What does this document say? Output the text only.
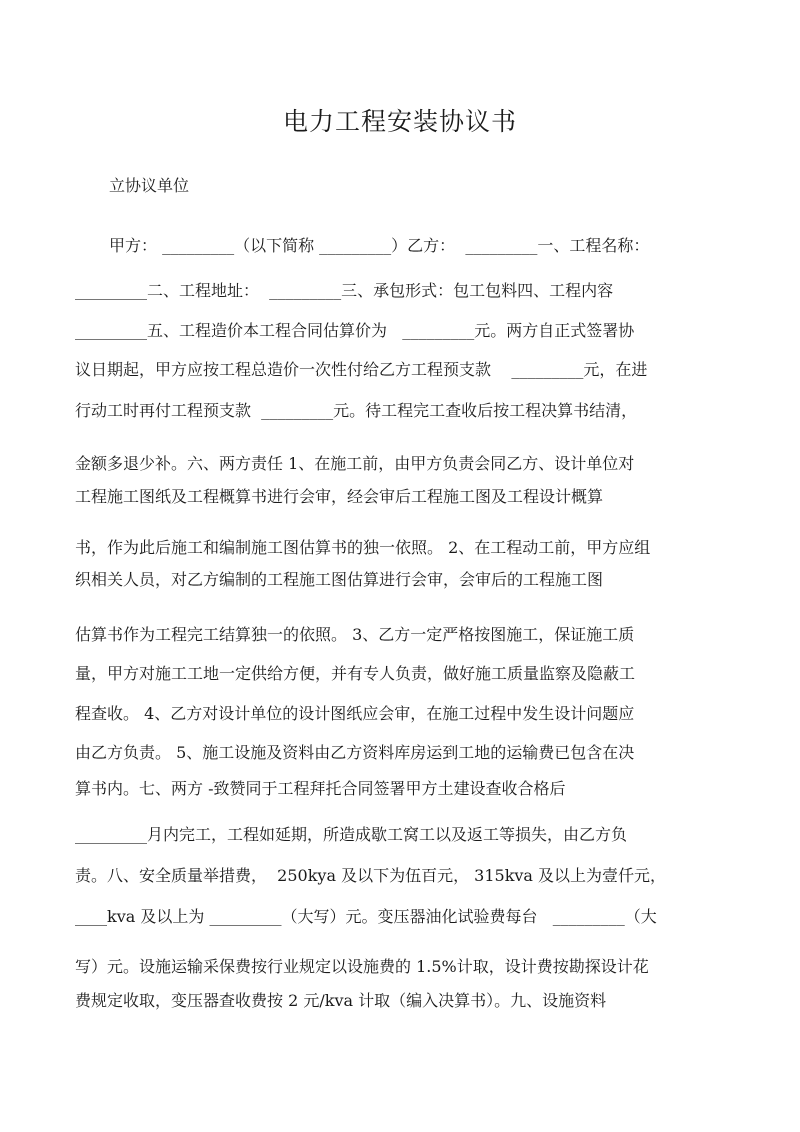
电力工程安装协议书
立协议单位
甲方： _________（以下简称 _________）乙方：  _________一、工程名称：
_________二、工程地址：  _________三、承包形式：包工包料四、工程内容
_________五、工程造价本工程合同估算价为   _________元。两方自正式签署协
议日期起，甲方应按工程总造价一次性付给乙方工程预支款    _________元，在进
行动工时再付工程预支款  _________元。待工程完工查收后按工程决算书结清，
金额多退少补。六、两方责任 1、在施工前，由甲方负责会同乙方、设计单位对
工程施工图纸及工程概算书进行会审，经会审后工程施工图及工程设计概算
书，作为此后施工和编制施工图估算书的独一依照。 2、在工程动工前，甲方应组
织相关人员，对乙方编制的工程施工图估算进行会审，会审后的工程施工图
估算书作为工程完工结算独一的依照。 3、乙方一定严格按图施工，保证施工质
量，甲方对施工工地一定供给方便，并有专人负责，做好施工质量监察及隐蔽工
程查收。 4、乙方对设计单位的设计图纸应会审，在施工过程中发生设计问题应
由乙方负责。 5、施工设施及资料由乙方资料库房运到工地的运输费已包含在决
算书内。七、两方 -致赞同于工程拜托合同签署甲方土建设查收合格后
_________月内完工，工程如延期，所造成歇工窝工以及返工等损失，由乙方负
责。八、安全质量举措费，  250kya 及以下为伍百元， 315kva 及以上为壹仟元，
____kva 及以上为 _________（大写）元。变压器油化试验费每台   _________（大
写）元。设施运输采保费按行业规定以设施费的 1.5%计取，设计费按勘探设计花
费规定收取，变压器查收费按 2 元/kva 计取（编入决算书）。九、设施资料
